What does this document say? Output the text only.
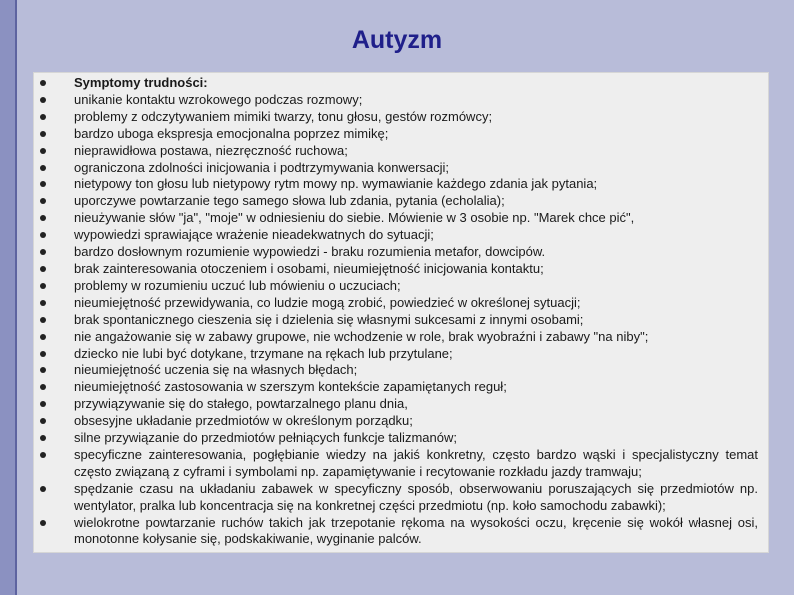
Autyzm
Symptomy trudności:
unikanie kontaktu wzrokowego podczas rozmowy;
problemy z odczytywaniem mimiki twarzy, tonu głosu, gestów rozmówcy;
bardzo uboga ekspresja emocjonalna poprzez mimikę;
nieprawidłowa postawa, niezręczność ruchowa;
ograniczona zdolności inicjowania i podtrzymywania konwersacji;
nietypowy ton głosu lub nietypowy rytm mowy np. wymawianie każdego zdania jak pytania;
uporczywe powtarzanie tego samego słowa lub zdania, pytania (echolalia);
nieużywanie słów "ja", "moje" w odniesieniu do siebie. Mówienie w 3 osobie np. "Marek chce pić",
wypowiedzi sprawiające wrażenie nieadekwatnych do sytuacji;
bardzo dosłownym rozumienie wypowiedzi - braku rozumienia metafor, dowcipów.
brak zainteresowania otoczeniem i osobami, nieumiejętność inicjowania kontaktu;
problemy w rozumieniu uczuć lub mówieniu o uczuciach;
nieumiejętność przewidywania, co ludzie mogą zrobić, powiedzieć w określonej sytuacji;
brak spontanicznego cieszenia się i dzielenia się własnymi sukcesami z innymi osobami;
nie angażowanie się w zabawy grupowe, nie wchodzenie w role, brak wyobraźni i zabawy "na niby";
dziecko nie lubi być dotykane, trzymane na rękach lub przytulane;
nieumiejętność uczenia się na własnych błędach;
nieumiejętność zastosowania w szerszym kontekście zapamiętanych reguł;
przywiązywanie się do stałego, powtarzalnego planu dnia,
obsesyjne układanie przedmiotów w określonym porządku;
silne przywiązanie do przedmiotów pełniących funkcje talizmanów;
specyficzne zainteresowania, pogłębianie wiedzy na jakiś konkretny, często bardzo wąski i specjalistyczny temat często związaną z cyframi i symbolami np. zapamiętywanie i recytowanie rozkładu jazdy tramwaju;
spędzanie czasu na układaniu zabawek w specyficzny sposób, obserwowaniu poruszających się przedmiotów np. wentylator, pralka lub koncentracja się na konkretnej części przedmiotu (np. koło samochodu zabawki);
wielokrotne powtarzanie ruchów takich jak trzepotanie rękoma na wysokości oczu, kręcenie się wokół własnej osi, monotonne kołysanie się, podskakiwanie, wyginanie palców.
